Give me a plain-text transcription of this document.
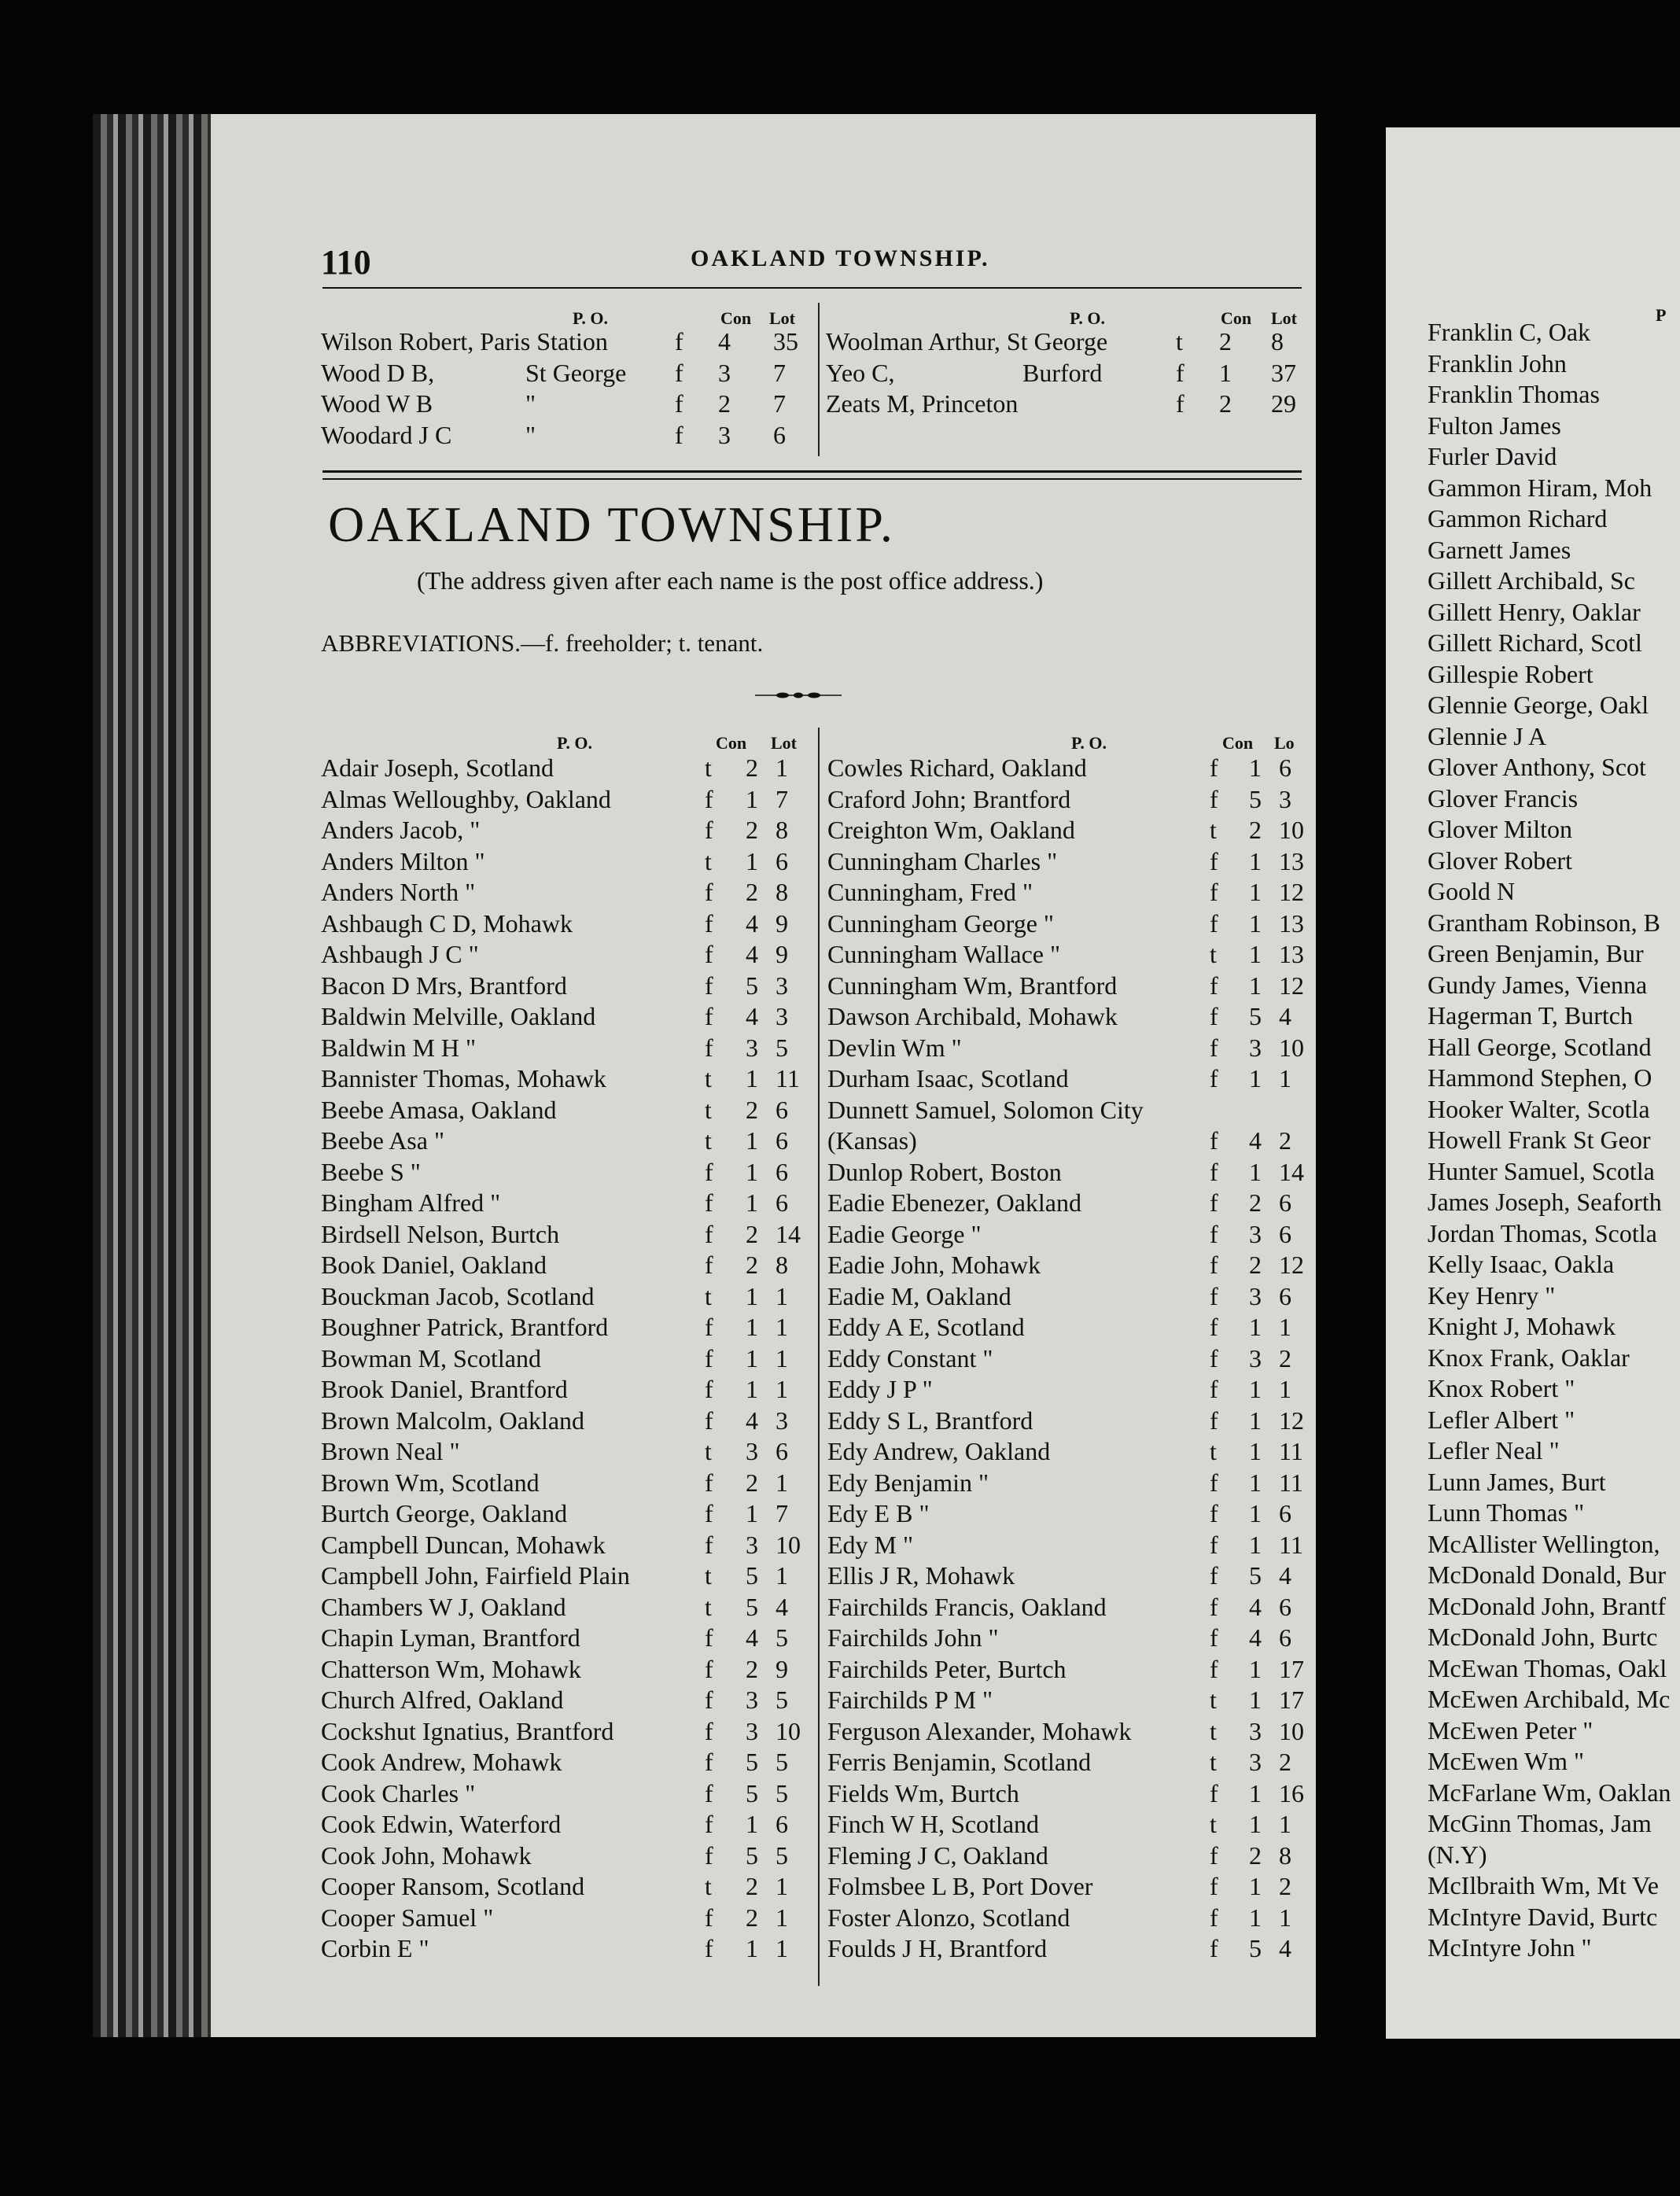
110	OAKLAND TOWNSHIP.
P. O.	Con Lot
Wilson Robert, Paris Station	f 4 35
Wood D B,	St George f 3 7
Wood W B	"	f 2 7
Woodard J C	"	f 3 6
P. O.	Con Lot
Woolman Arthur, St George	t 2 8
Yeo C,	Burford	f 1 37
Zeats M, Princeton	f 2 29
OAKLAND TOWNSHIP.
(The address given after each name is the post office address.)
ABBREVIATIONS.—f. freeholder; t. tenant.
P. O.	Con Lot
Adair Joseph, Scotland	t 2 1
Almas Welloughby, Oakland	f 1 7
Anders Jacob, "	f 2 8
Anders Milton "	t 1 6
Anders North "	f 2 8
Ashbaugh C D, Mohawk	f 4 9
Ashbaugh J C "	f 4 9
Bacon D Mrs, Brantford	f 5 3
Baldwin Melville, Oakland	f 4 3
Baldwin M H "	f 3 5
Bannister Thomas, Mohawk	t 1 11
Beebe Amasa, Oakland	t 2 6
Beebe Asa "	t 1 6
Beebe S "	f 1 6
Bingham Alfred "	f 1 6
Birdsell Nelson, Burtch	f 2 14
Book Daniel, Oakland	f 2 8
Bouckman Jacob, Scotland	t 1 1
Boughner Patrick, Brantford	f 1 1
Bowman M, Scotland	f 1 1
Brook Daniel, Brantford	f 1 1
Brown Malcolm, Oakland	f 4 3
Brown Neal "	t 3 6
Brown Wm, Scotland	f 2 1
Burtch George, Oakland	f 1 7
Campbell Duncan, Mohawk	f 3 10
Campbell John, Fairfield Plain	t 5 1
Chambers W J, Oakland	t 5 4
Chapin Lyman, Brantford	f 4 5
Chatterson Wm, Mohawk	f 2 9
Church Alfred, Oakland	f 3 5
Cockshut Ignatius, Brantford	f 3 10
Cook Andrew, Mohawk	f 5 5
Cook Charles "	f 5 5
Cook Edwin, Waterford	f 1 6
Cook John, Mohawk	f 5 5
Cooper Ransom, Scotland	t 2 1
Cooper Samuel "	f 2 1
Corbin E "	f 1 1
P. O.	Con Lo
Cowles Richard, Oakland	f 1 6
Craford John; Brantford	f 5 3
Creighton Wm, Oakland	t 2 10
Cunningham Charles "	f 1 13
Cunningham, Fred "	f 1 12
Cunningham George "	f 1 13
Cunningham Wallace "	t 1 13
Cunningham Wm, Brantford	f 1 12
Dawson Archibald, Mohawk	f 5 4
Devlin Wm "	f 3 10
Durham Isaac, Scotland	f 1 1
Dunnett Samuel, Solomon City
(Kansas)	f 4 2
Dunlop Robert, Boston	f 1 14
Eadie Ebenezer, Oakland	f 2 6
Eadie George "	f 3 6
Eadie John, Mohawk	f 2 12
Eadie M, Oakland	f 3 6
Eddy A E, Scotland	f 1 1
Eddy Constant "	f 3 2
Eddy J P "	f 1 1
Eddy S L, Brantford	f 1 12
Edy Andrew, Oakland	t 1 11
Edy Benjamin "	f 1 11
Edy E B "	f 1 6
Edy M "	f 1 11
Ellis J R, Mohawk	f 5 4
Fairchilds Francis, Oakland	f 4 6
Fairchilds John "	f 4 6
Fairchilds Peter, Burtch	f 1 17
Fairchilds P M "	t 1 17
Ferguson Alexander, Mohawk	t 3 10
Ferris Benjamin, Scotland	t 3 2
Fields Wm, Burtch	f 1 16
Finch W H, Scotland	t 1 1
Fleming J C, Oakland	f 2 8
Folmsbee L B, Port Dover	f 1 2
Foster Alonzo, Scotland	f 1 1
Foulds J H, Brantford	f 5 4
P
Franklin C, Oak
Franklin John
Franklin Thomas
Fulton James
Furler David
Gammon Hiram, Moh
Gammon Richard
Garnett James
Gillett Archibald, Sc
Gillett Henry, Oaklar
Gillett Richard, Scotl
Gillespie Robert
Glennie George, Oakl
Glennie J A
Glover Anthony, Scot
Glover Francis
Glover Milton
Glover Robert
Goold N
Grantham Robinson, B
Green Benjamin, Bur
Gundy James, Vienna
Hagerman T, Burtch
Hall George, Scotland
Hammond Stephen, O
Hooker Walter, Scotla
Howell Frank St Geor
Hunter Samuel, Scotla
James Joseph, Seaforth
Jordan Thomas, Scotla
Kelly Isaac, Oakla
Key Henry "
Knight J, Mohawk
Knox Frank, Oaklar
Knox Robert "
Lefler Albert "
Lefler Neal "
Lunn James, Burt
Lunn Thomas "
McAllister Wellington,
McDonald Donald, Bur
McDonald John, Brantf
McDonald John, Burtc
McEwan Thomas, Oakl
McEwen Archibald, Mc
McEwen Peter "
McEwen Wm "
McFarlane Wm, Oaklan
McGinn Thomas, Jam
(N.Y)
McIlbraith Wm, Mt Ve
McIntyre David, Burtc
McIntyre John "
